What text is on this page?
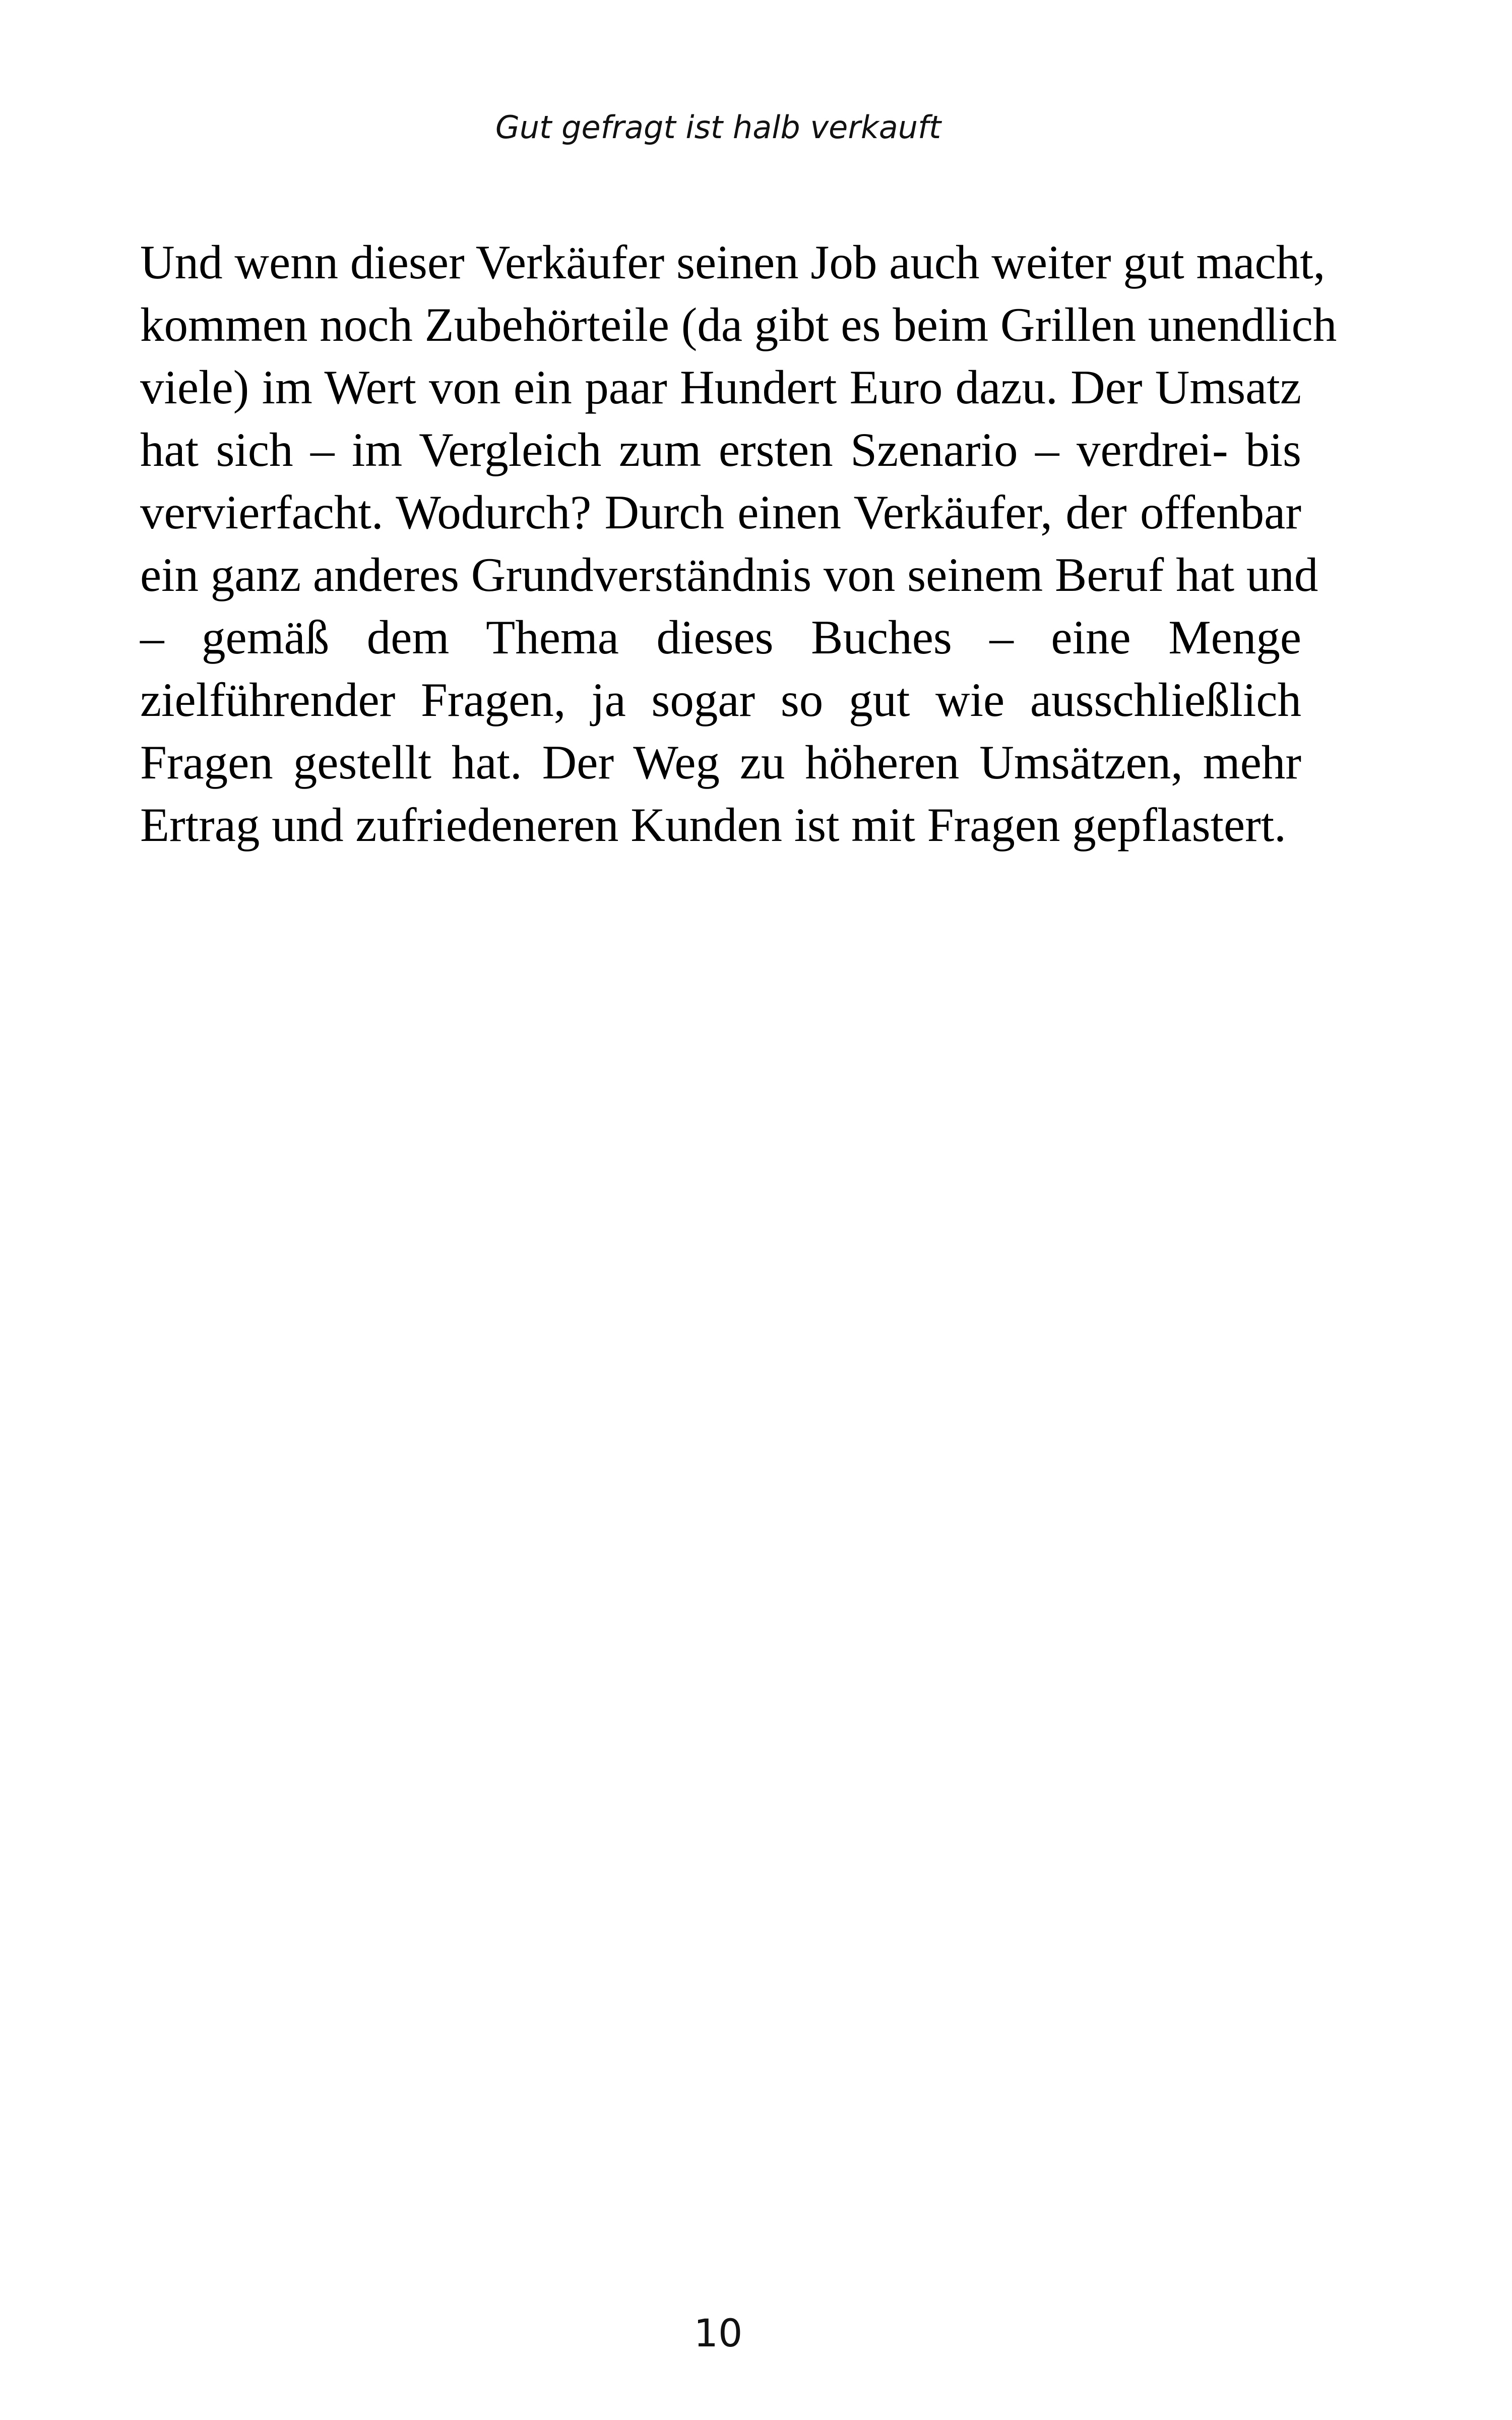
Gut gefragt ist halb verkauft

Und wenn dieser Verkäufer seinen Job auch weiter gut macht,
kommen noch Zubehörteile (da gibt es beim Grillen unendlich
viele) im Wert von ein paar Hundert Euro dazu. Der Umsatz
hat sich – im Vergleich zum ersten Szenario – verdrei- bis
vervierfacht. Wodurch? Durch einen Verkäufer, der offenbar
ein ganz anderes Grundverständnis von seinem Beruf hat und
– gemäß dem Thema dieses Buches – eine Menge
zielführender Fragen, ja sogar so gut wie ausschließlich
Fragen gestellt hat. Der Weg zu höheren Umsätzen, mehr
Ertrag und zufriedeneren Kunden ist mit Fragen gepflastert.

10
